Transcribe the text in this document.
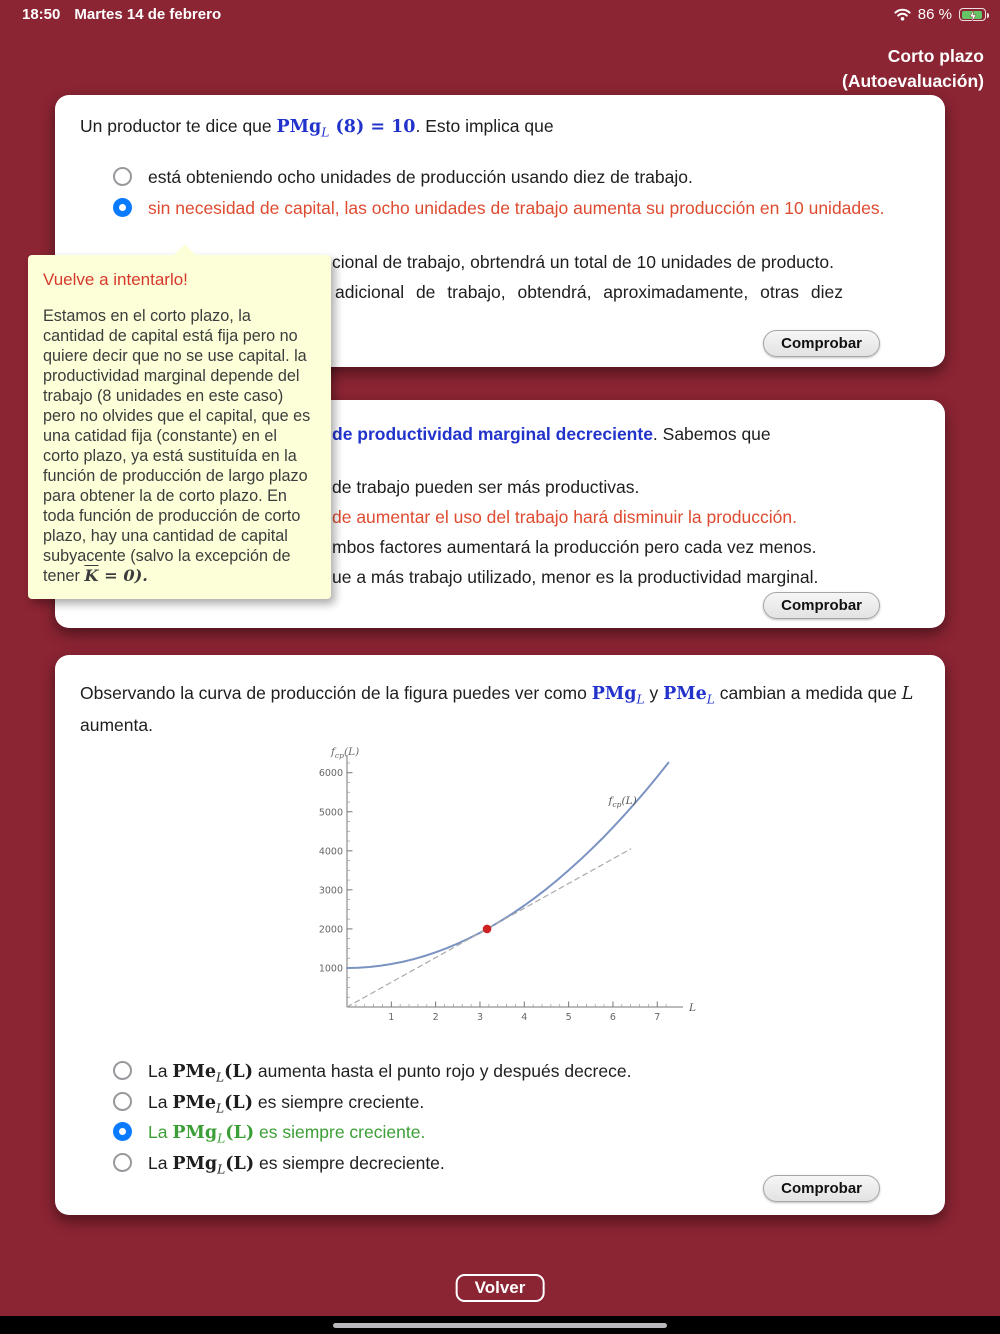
18:50 Martes 14 de febrero	86 %
Corto plazo
(Autoevaluación)

Un productor te dice que PMg$_L$ (8) = 10. Esto implica que

está obteniendo ocho unidades de producción usando diez de trabajo.
sin necesidad de capital, las ocho unidades de trabajo aumenta su producción en 10 unidades.
cional de trabajo, obrtendrá un total de 10 unidades de producto.
adicional de trabajo, obtendrá, aproximadamente, otras diez
Comprobar

de productividad marginal decreciente. Sabemos que

de trabajo pueden ser más productivas.
de aumentar el uso del trabajo hará disminuir la producción.
mbos factores aumentará la producción pero cada vez menos.
ue a más trabajo utilizado, menor es la productividad marginal.
Comprobar

Observando la curva de producción de la figura puedes ver como PMg$_L$ y PMe$_L$ cambian a medida que L aumenta.

1	2	3	4	5	6	7
1000
2000
3000
4000
5000
6000
$f_{cp}(L)$
$f_{cp}(L)$
L
La PMe$_L$(L) aumenta hasta el punto rojo y después decrece.
La PMe$_L$(L) es siempre creciente.
La PMg$_L$(L) es siempre creciente.
La PMg$_L$(L) es siempre decreciente.
Comprobar
Vuelve a intentarlo!
Estamos en el corto plazo, la cantidad de capital está fija pero no quiere decir que no se use capital. la productividad marginal depende del trabajo (8 unidades en este caso) pero no olvides que el capital, que es una catidad fija (constante) en el corto plazo, ya está sustituída en la función de producción de largo plazo para obtener la de corto plazo. En toda función de producción de corto plazo, hay una cantidad de capital subyacente (salvo la excepción de tener $\overline{K} = 0$).
Volver
